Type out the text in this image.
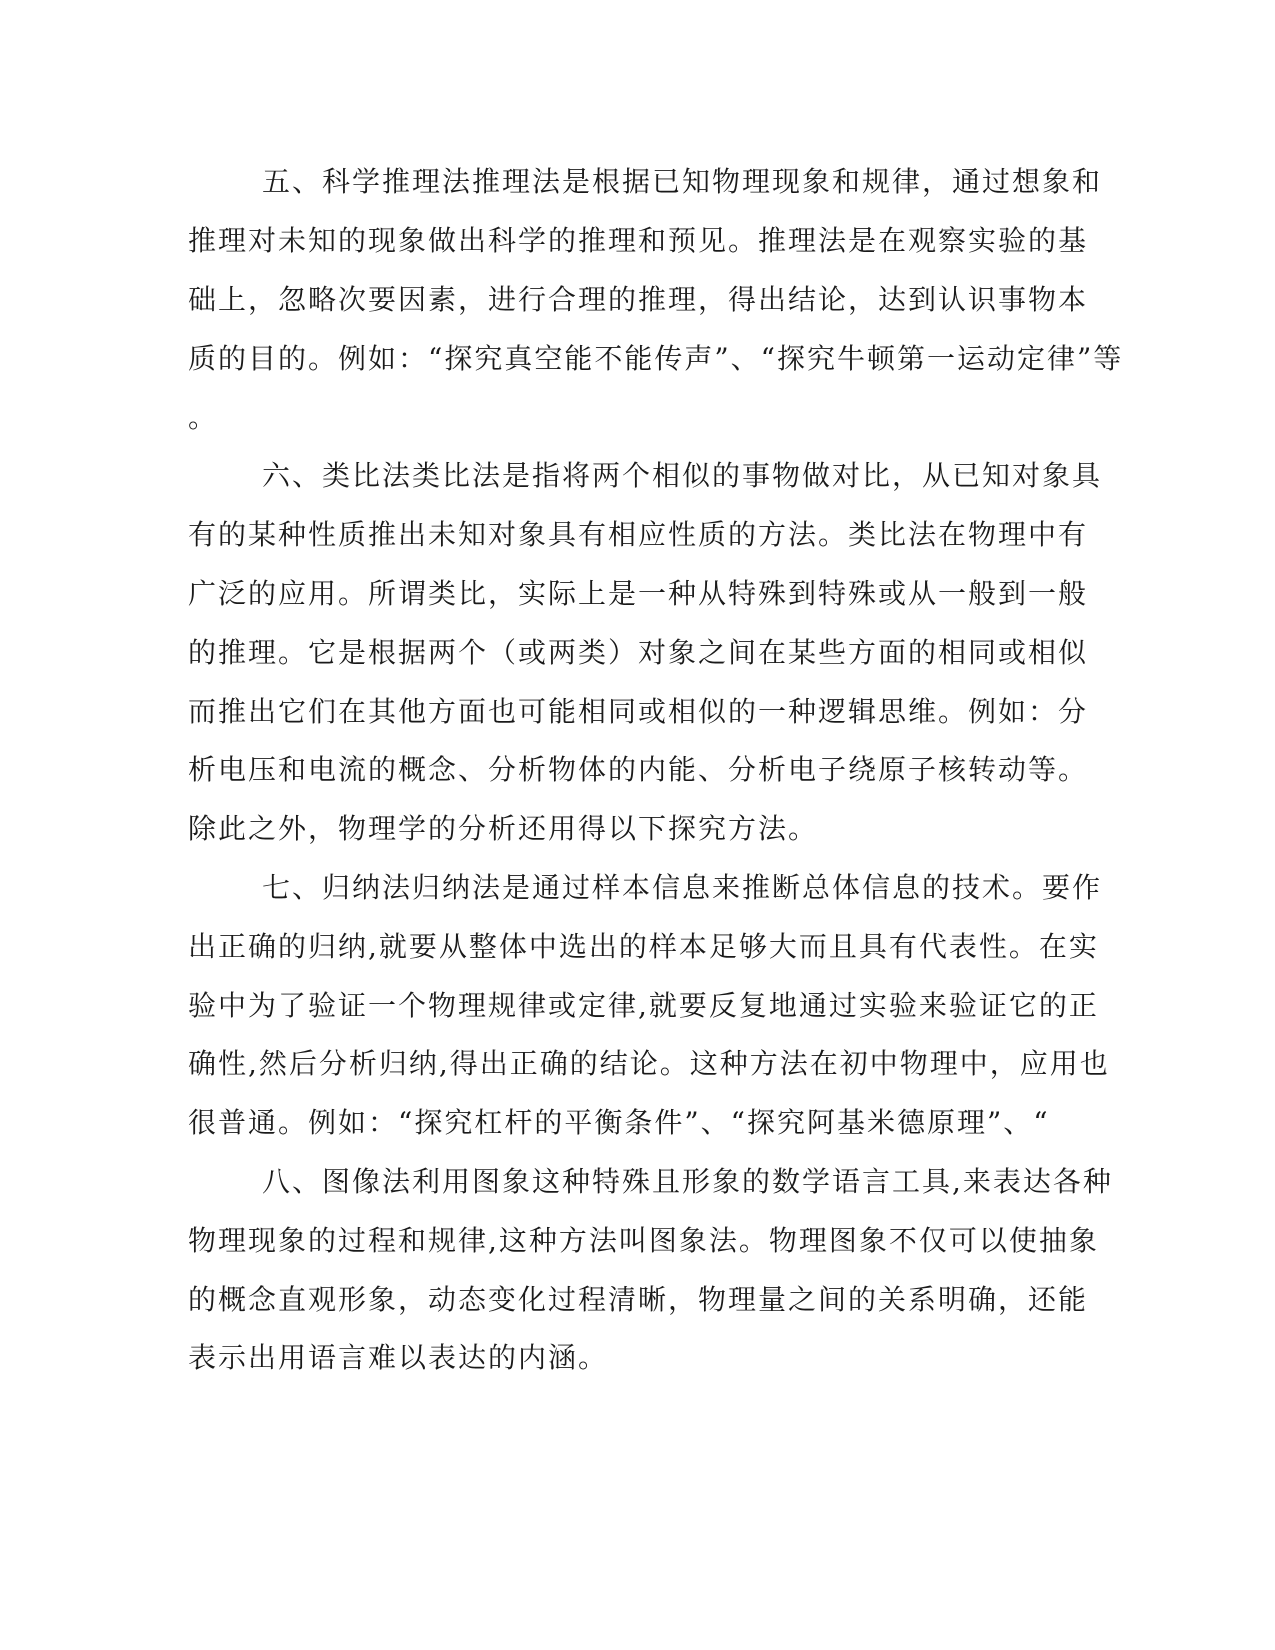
五、科学推理法推理法是根据已知物理现象和规律，通过想象和
推理对未知的现象做出科学的推理和预见。推理法是在观察实验的基
础上，忽略次要因素，进行合理的推理，得出结论，达到认识事物本
质的目的。例如：“探究真空能不能传声”、“探究牛顿第一运动定律”等
。
六、类比法类比法是指将两个相似的事物做对比，从已知对象具
有的某种性质推出未知对象具有相应性质的方法。类比法在物理中有
广泛的应用。所谓类比，实际上是一种从特殊到特殊或从一般到一般
的推理。它是根据两个（或两类）对象之间在某些方面的相同或相似
而推出它们在其他方面也可能相同或相似的一种逻辑思维。例如：分
析电压和电流的概念、分析物体的内能、分析电子绕原子核转动等。
除此之外，物理学的分析还用得以下探究方法。
七、归纳法归纳法是通过样本信息来推断总体信息的技术。要作
出正确的归纳,就要从整体中选出的样本足够大而且具有代表性。在实
验中为了验证一个物理规律或定律,就要反复地通过实验来验证它的正
确性,然后分析归纳,得出正确的结论。这种方法在初中物理中，应用也
很普通。例如：“探究杠杆的平衡条件”、“探究阿基米德原理”、“
八、图像法利用图象这种特殊且形象的数学语言工具,来表达各种
物理现象的过程和规律,这种方法叫图象法。物理图象不仅可以使抽象
的概念直观形象，动态变化过程清晰，物理量之间的关系明确，还能
表示出用语言难以表达的内涵。
